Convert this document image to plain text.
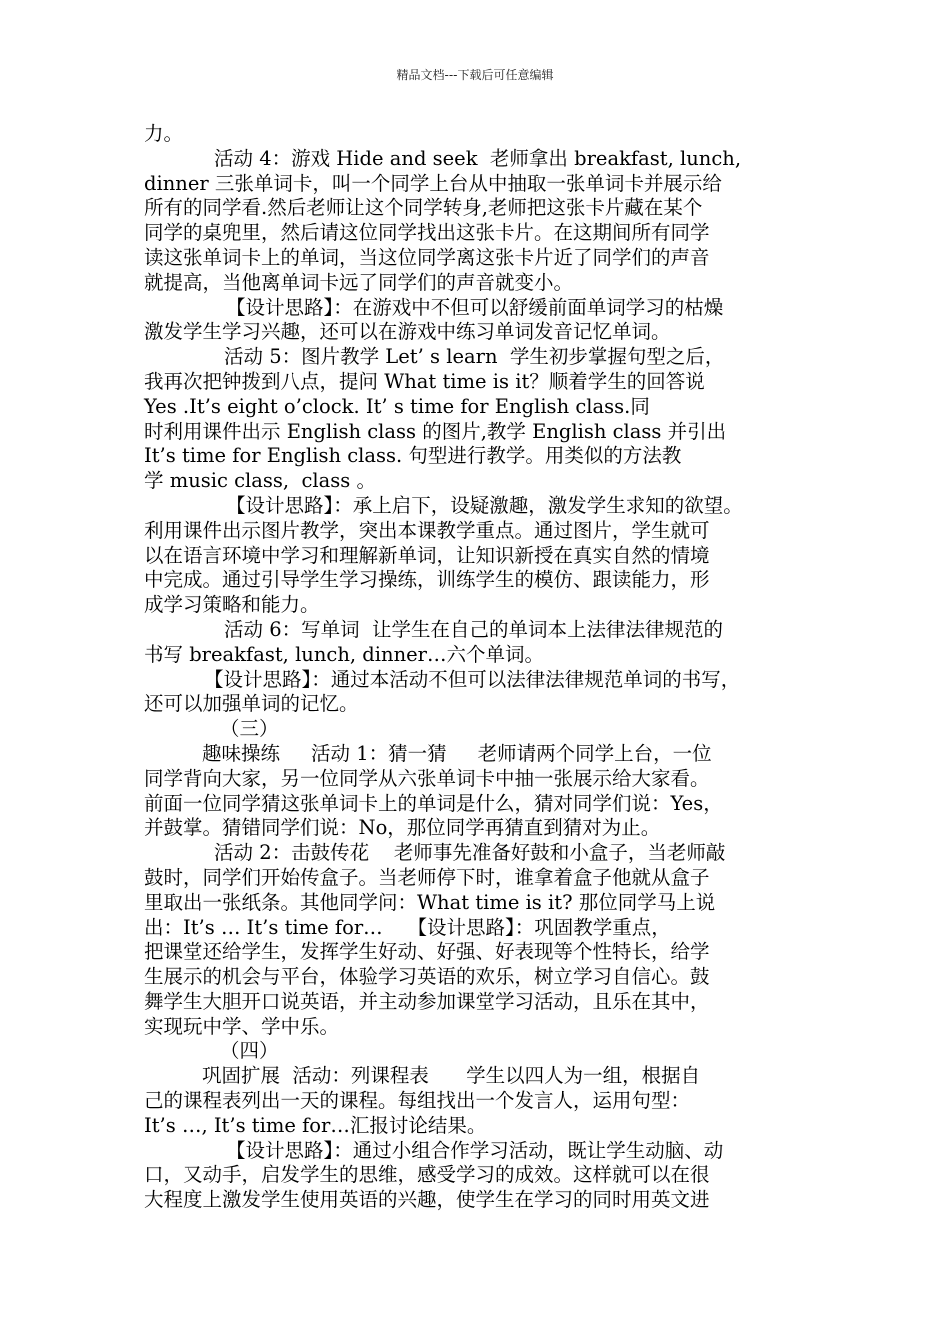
精品文档---下载后可任意编辑
力。
活动 4：游戏 Hide and seek  老师拿出 breakfast, lunch,
dinner 三张单词卡，叫一个同学上台从中抽取一张单词卡并展示给
所有的同学看.然后老师让这个同学转身,老师把这张卡片藏在某个
同学的桌兜里，然后请这位同学找出这张卡片。在这期间所有同学
读这张单词卡上的单词，当这位同学离这张卡片近了同学们的声音
就提高，当他离单词卡远了同学们的声音就变小。
【设计思路】：在游戏中不但可以舒缓前面单词学习的枯燥
激发学生学习兴趣，还可以在游戏中练习单词发音记忆单词。
活动 5：图片教学 Let’ s learn  学生初步掌握句型之后，
我再次把钟拨到八点，提问 What time is it？顺着学生的回答说
Yes .It’s eight o’clock. It’ s time for English class.同
时利用课件出示 English class 的图片,教学 English class 并引出
It’s time for English class. 句型进行教学。用类似的方法教
学 music class,  class 。
【设计思路】：承上启下，设疑激趣，激发学生求知的欲望。
利用课件出示图片教学，突出本课教学重点。通过图片，学生就可
以在语言环境中学习和理解新单词，让知识新授在真实自然的情境
中完成。通过引导学生学习操练，训练学生的模仿、跟读能力，形
成学习策略和能力。
活动 6：写单词  让学生在自己的单词本上法律法律规范的
书写 breakfast, lunch, dinner…六个单词。
【设计思路】：通过本活动不但可以法律法律规范单词的书写，
还可以加强单词的记忆。
（三）
趣味操练     活动 1：猜一猜     老师请两个同学上台，一位
同学背向大家，另一位同学从六张单词卡中抽一张展示给大家看。
前面一位同学猜这张单词卡上的单词是什么，猜对同学们说：Yes，
并鼓掌。猜错同学们说：No，那位同学再猜直到猜对为止。
活动 2：击鼓传花    老师事先准备好鼓和小盒子，当老师敲
鼓时，同学们开始传盒子。当老师停下时，谁拿着盒子他就从盒子
里取出一张纸条。其他同学问：What time is it? 那位同学马上说
出：It’s … It’s time for…    【设计思路】：巩固教学重点，
把课堂还给学生，发挥学生好动、好强、好表现等个性特长，给学
生展示的机会与平台，体验学习英语的欢乐，树立学习自信心。鼓
舞学生大胆开口说英语，并主动参加课堂学习活动，且乐在其中，
实现玩中学、学中乐。
（四）
巩固扩展  活动：列课程表      学生以四人为一组，根据自
己的课程表列出一天的课程。每组找出一个发言人，运用句型：
It’s …, It’s time for…汇报讨论结果。
【设计思路】：通过小组合作学习活动，既让学生动脑、动
口，又动手，启发学生的思维，感受学习的成效。这样就可以在很
大程度上激发学生使用英语的兴趣，使学生在学习的同时用英文进
